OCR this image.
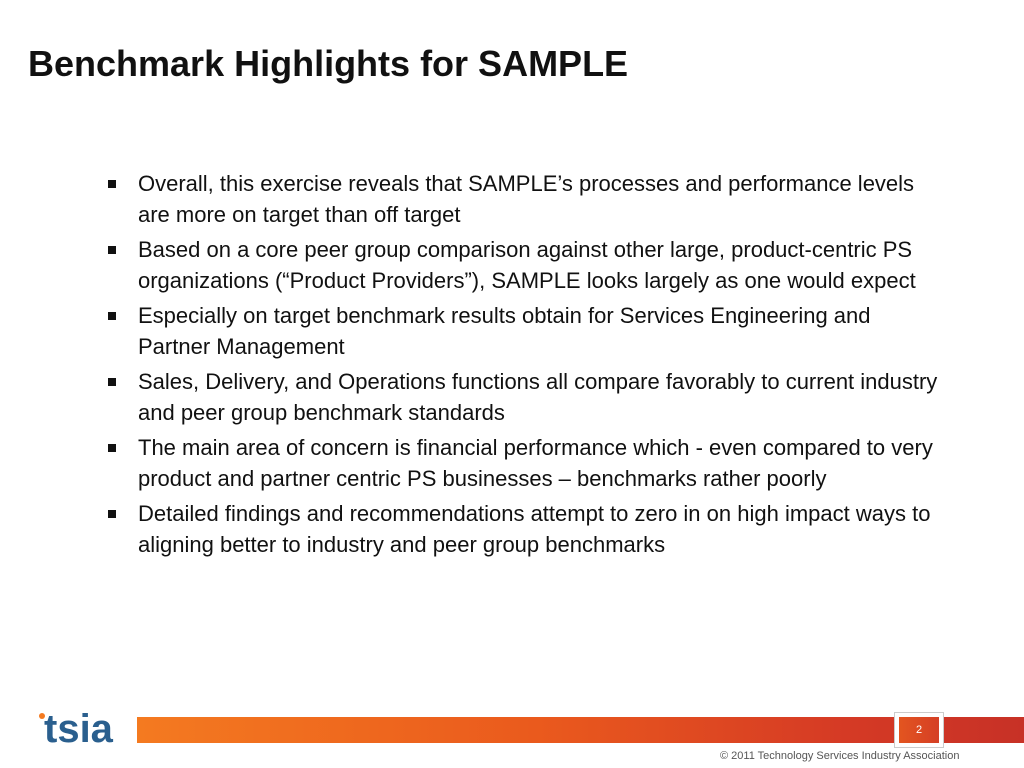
Benchmark Highlights for SAMPLE
Overall, this exercise reveals that SAMPLE’s processes and performance levels are more on target than off target
Based on a core peer group comparison against other large, product-centric PS organizations (“Product Providers”), SAMPLE looks largely as one would expect
Especially on target benchmark results obtain for Services Engineering and Partner Management
Sales, Delivery, and Operations functions all compare favorably to current industry and peer group benchmark standards
The main area of concern is financial performance which - even compared to very product and partner centric PS businesses – benchmarks rather poorly
Detailed findings and recommendations attempt to zero in on high impact ways to aligning better to industry and peer group benchmarks
tsia	2
© 2011 Technology Services Industry Association
